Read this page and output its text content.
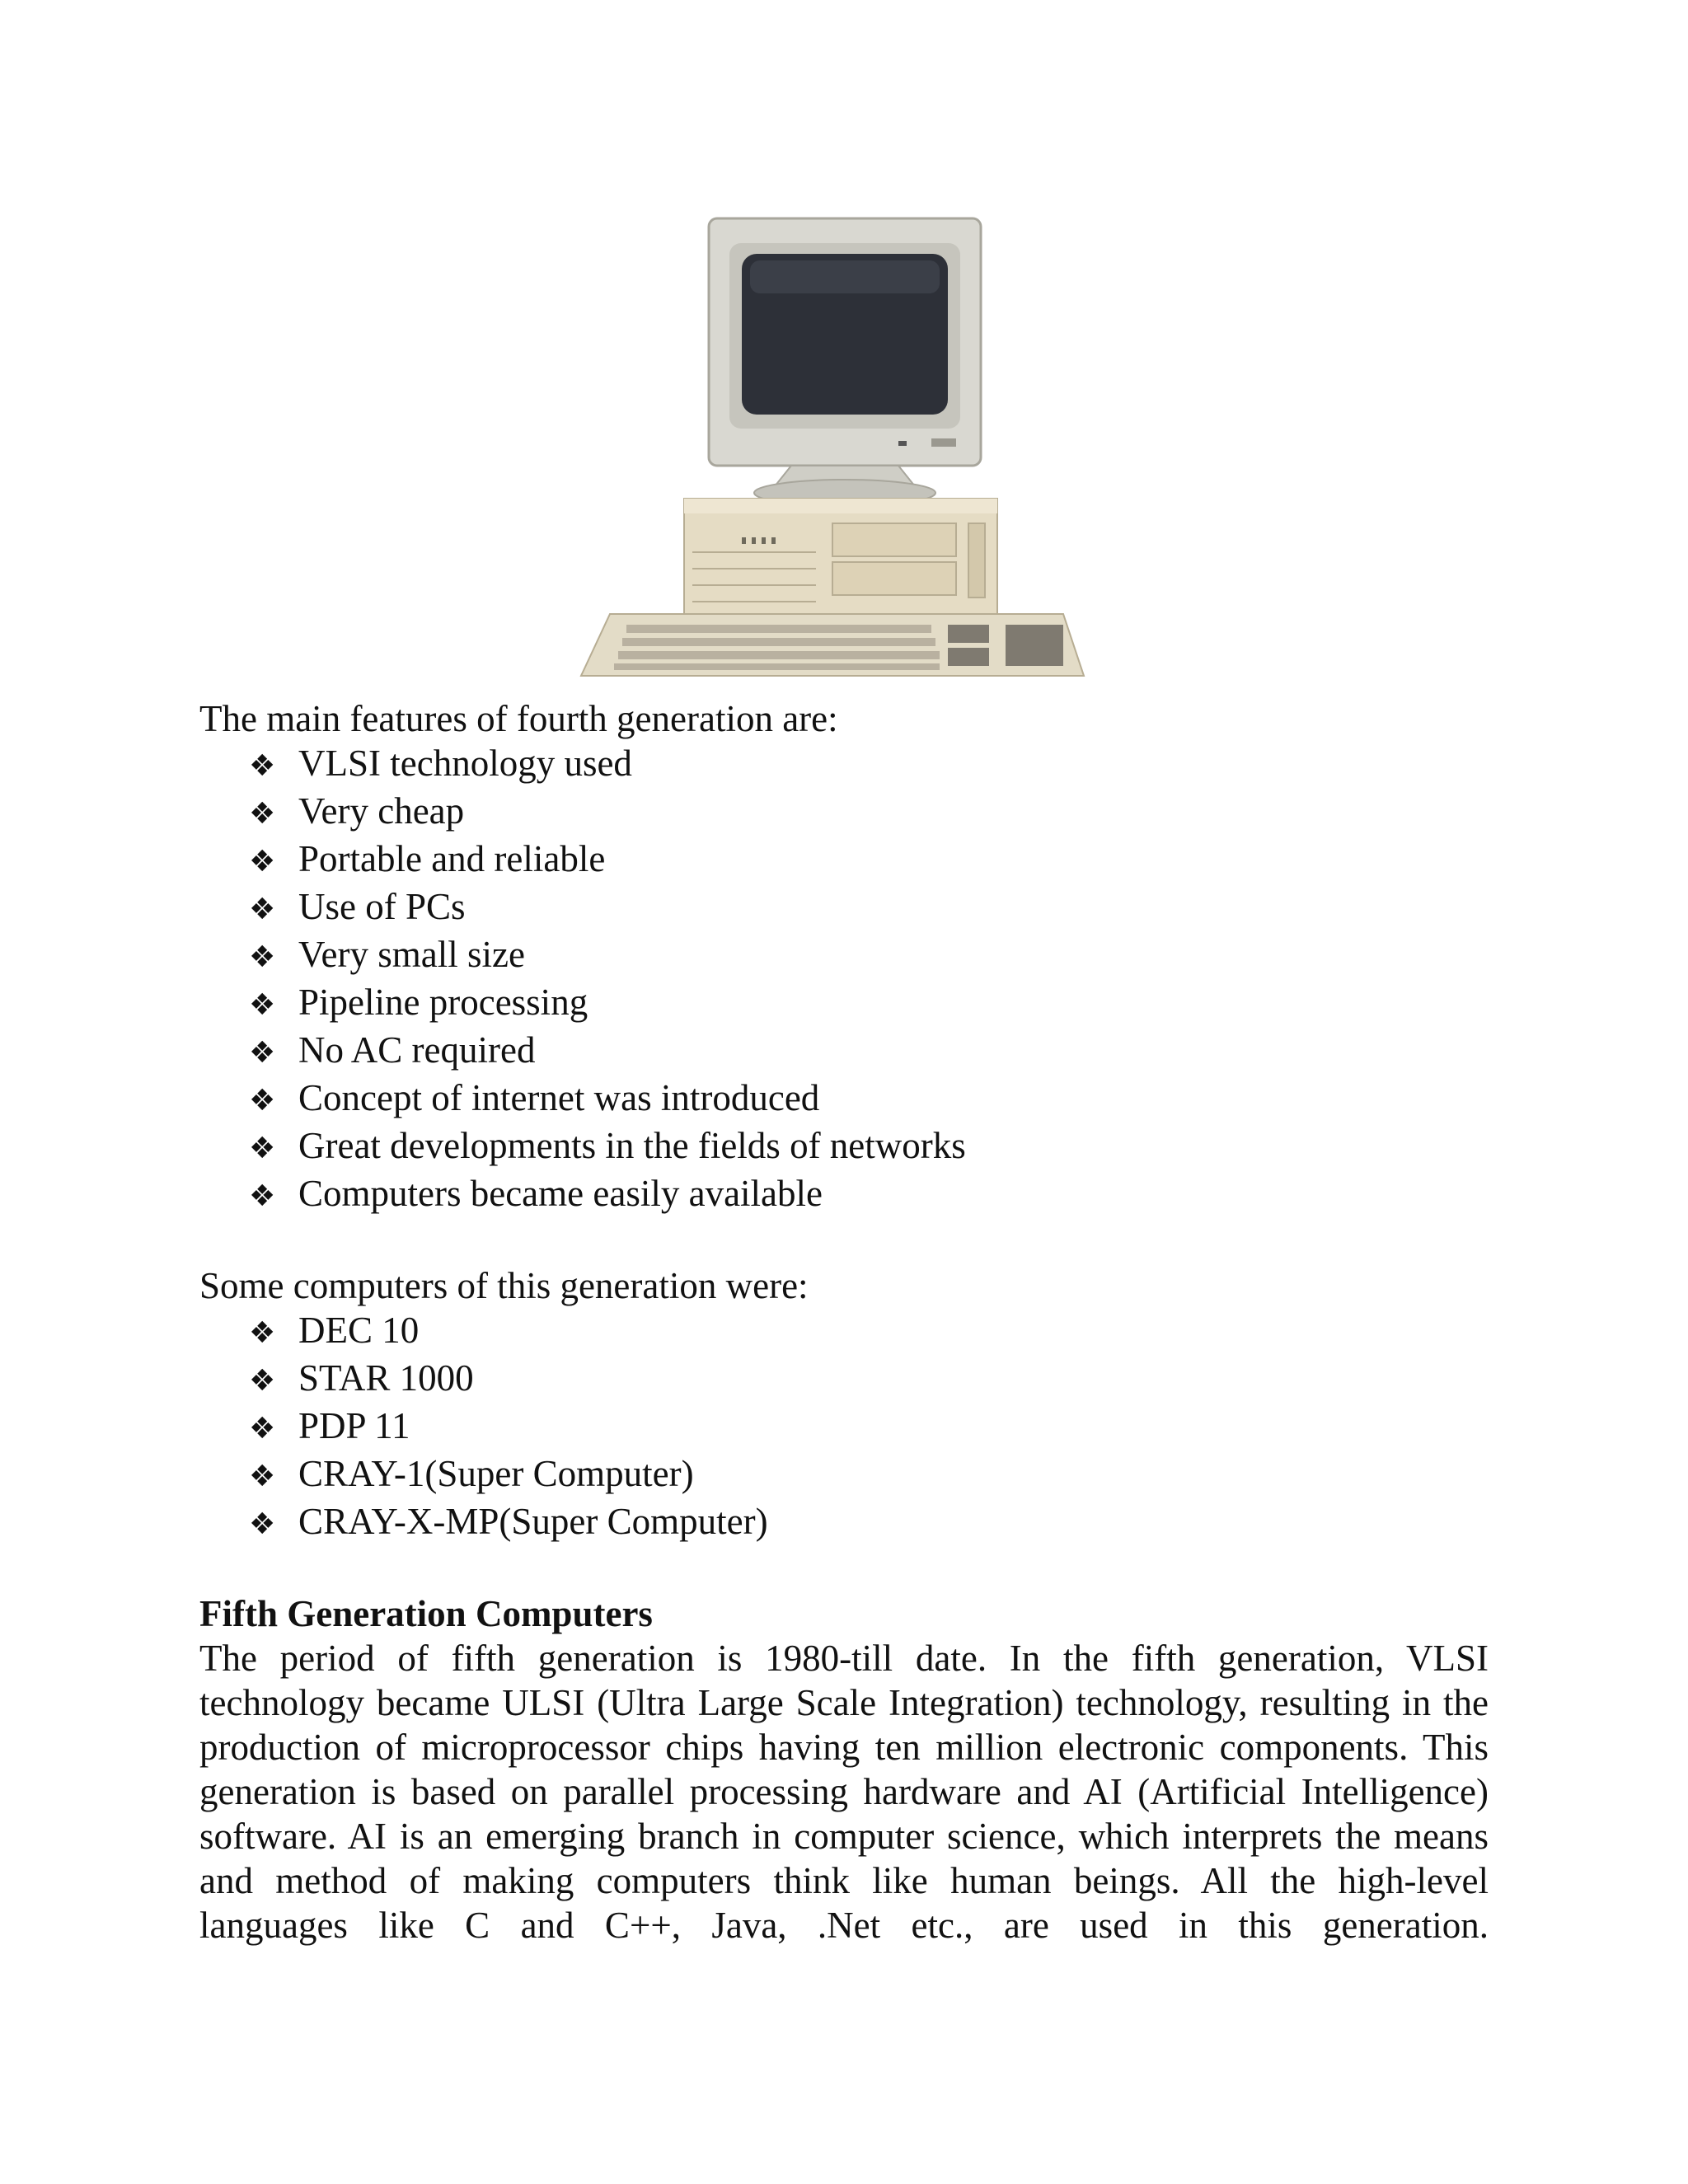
The main features of fourth generation are:

❖ VLSI technology used
❖ Very cheap
❖ Portable and reliable
❖ Use of PCs
❖ Very small size
❖ Pipeline processing
❖ No AC required
❖ Concept of internet was introduced
❖ Great developments in the fields of networks
❖ Computers became easily available

Some computers of this generation were:

❖ DEC 10
❖ STAR 1000
❖ PDP 11
❖ CRAY-1(Super Computer)
❖ CRAY-X-MP(Super Computer)
Fifth Generation Computers

The period of fifth generation is 1980-till date. In the fifth generation, VLSI technology became ULSI (Ultra Large Scale Integration) technology, resulting in the production of microprocessor chips having ten million electronic components. This generation is based on parallel processing hardware and AI (Artificial Intelligence) software. AI is an emerging branch in computer science, which interprets the means and method of making computers think like human beings. All the high-level languages like C and C++, Java, .Net etc., are used in this generation.
